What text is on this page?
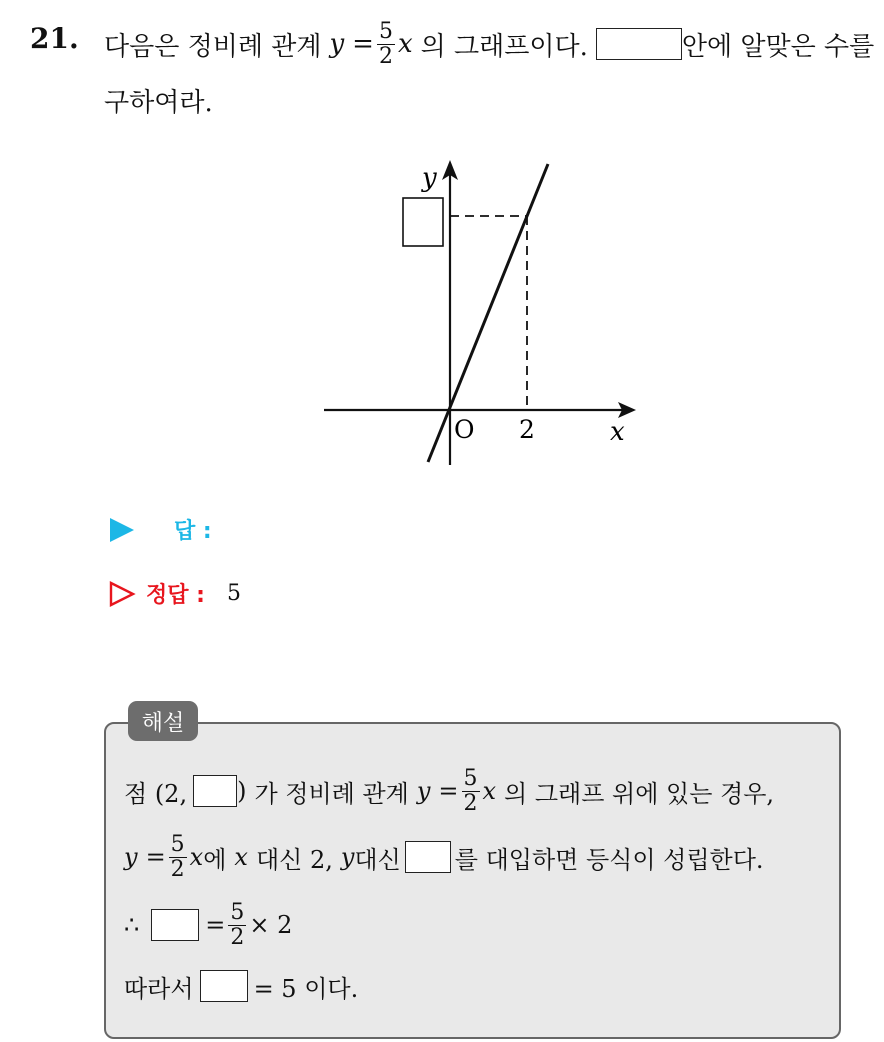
21. 다음은 정비례 관계 $y = \frac{5}{2}$ x 의 그래프이다.	안에 알맞은 수를
구하여라.
y
x
O 2
답 :
정답 : 5
해설
점 (2, ) 가 정비례 관계 $y = \frac{5}{2}$ x 의 그래프 위에 있는 경우,
$y = \frac{5}{2}$ x 에 x 대신 2, y 대신 를 대입하면 등식이 성립한다.
∴	= $\frac{5}{2} \times 2$
따라서	= 5 이다.
